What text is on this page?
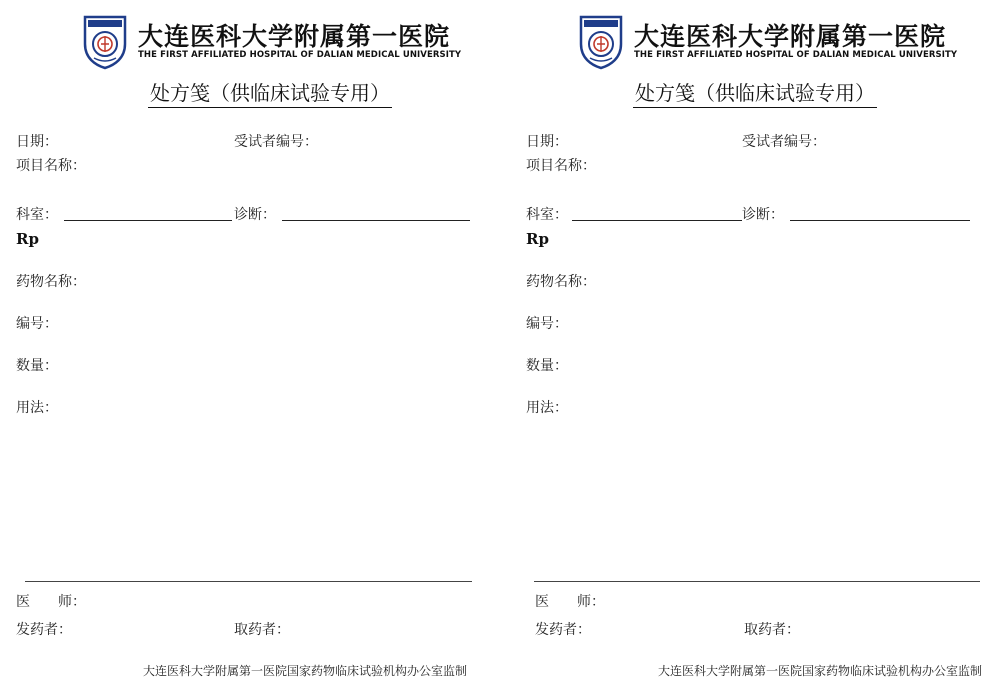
大连医科大学附属第一医院
THE FIRST AFFILIATED HOSPITAL OF DALIAN MEDICAL UNIVERSITY
处方笺（供临床试验专用）
日期：	受试者编号：
项目名称：
科室：	诊断：
Rp
药物名称：
编号：
数量：
用法：
医　　师：
发药者：	取药者：
大连医科大学附属第一医院国家药物临床试验机构办公室监制
大连医科大学附属第一医院
THE FIRST AFFILIATED HOSPITAL OF DALIAN MEDICAL UNIVERSITY
处方笺（供临床试验专用）
日期：	受试者编号：
项目名称：
科室：	诊断：
Rp
药物名称：
编号：
数量：
用法：
医　　师：
发药者：	取药者：
大连医科大学附属第一医院国家药物临床试验机构办公室监制
